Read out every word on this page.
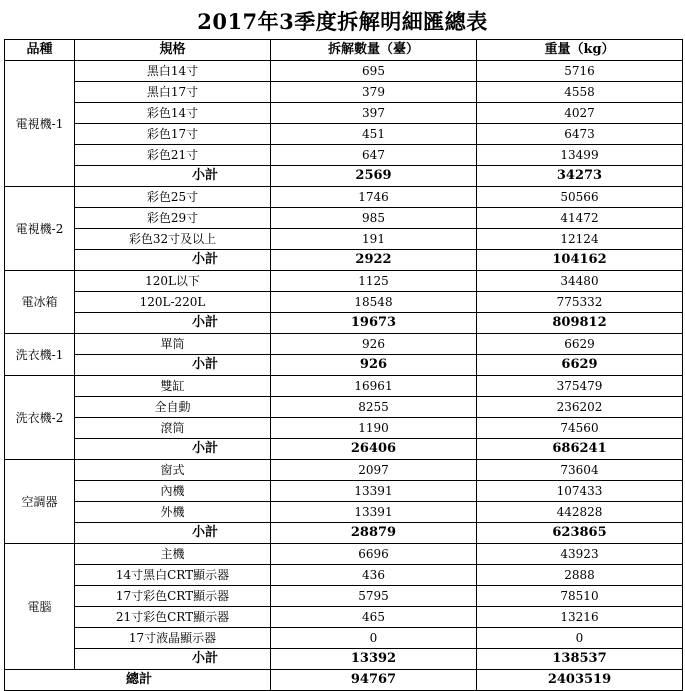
2017年3季度拆解明細匯總表
品種	規格	拆解數量（臺）	重量（kg）
電視機-1	黑白14寸	695	5716
	黑白17寸	379	4558
	彩色14寸	397	4027
	彩色17寸	451	6473
	彩色21寸	647	13499
	小計	2569	34273
電視機-2	彩色25寸	1746	50566
	彩色29寸	985	41472
	彩色32寸及以上	191	12124
	小計	2922	104162
電冰箱	120L以下	1125	34480
	120L-220L	18548	775332
	小計	19673	809812
洗衣機-1	單筒	926	6629
	小計	926	6629
洗衣機-2	雙缸	16961	375479
	全自動	8255	236202
	滾筒	1190	74560
	小計	26406	686241
空調器	窗式	2097	73604
	內機	13391	107433
	外機	13391	442828
	小計	28879	623865
電腦	主機	6696	43923
	14寸黑白CRT顯示器	436	2888
	17寸彩色CRT顯示器	5795	78510
	21寸彩色CRT顯示器	465	13216
	17寸液晶顯示器	0	0
	小計	13392	138537
總計		94767	2403519
